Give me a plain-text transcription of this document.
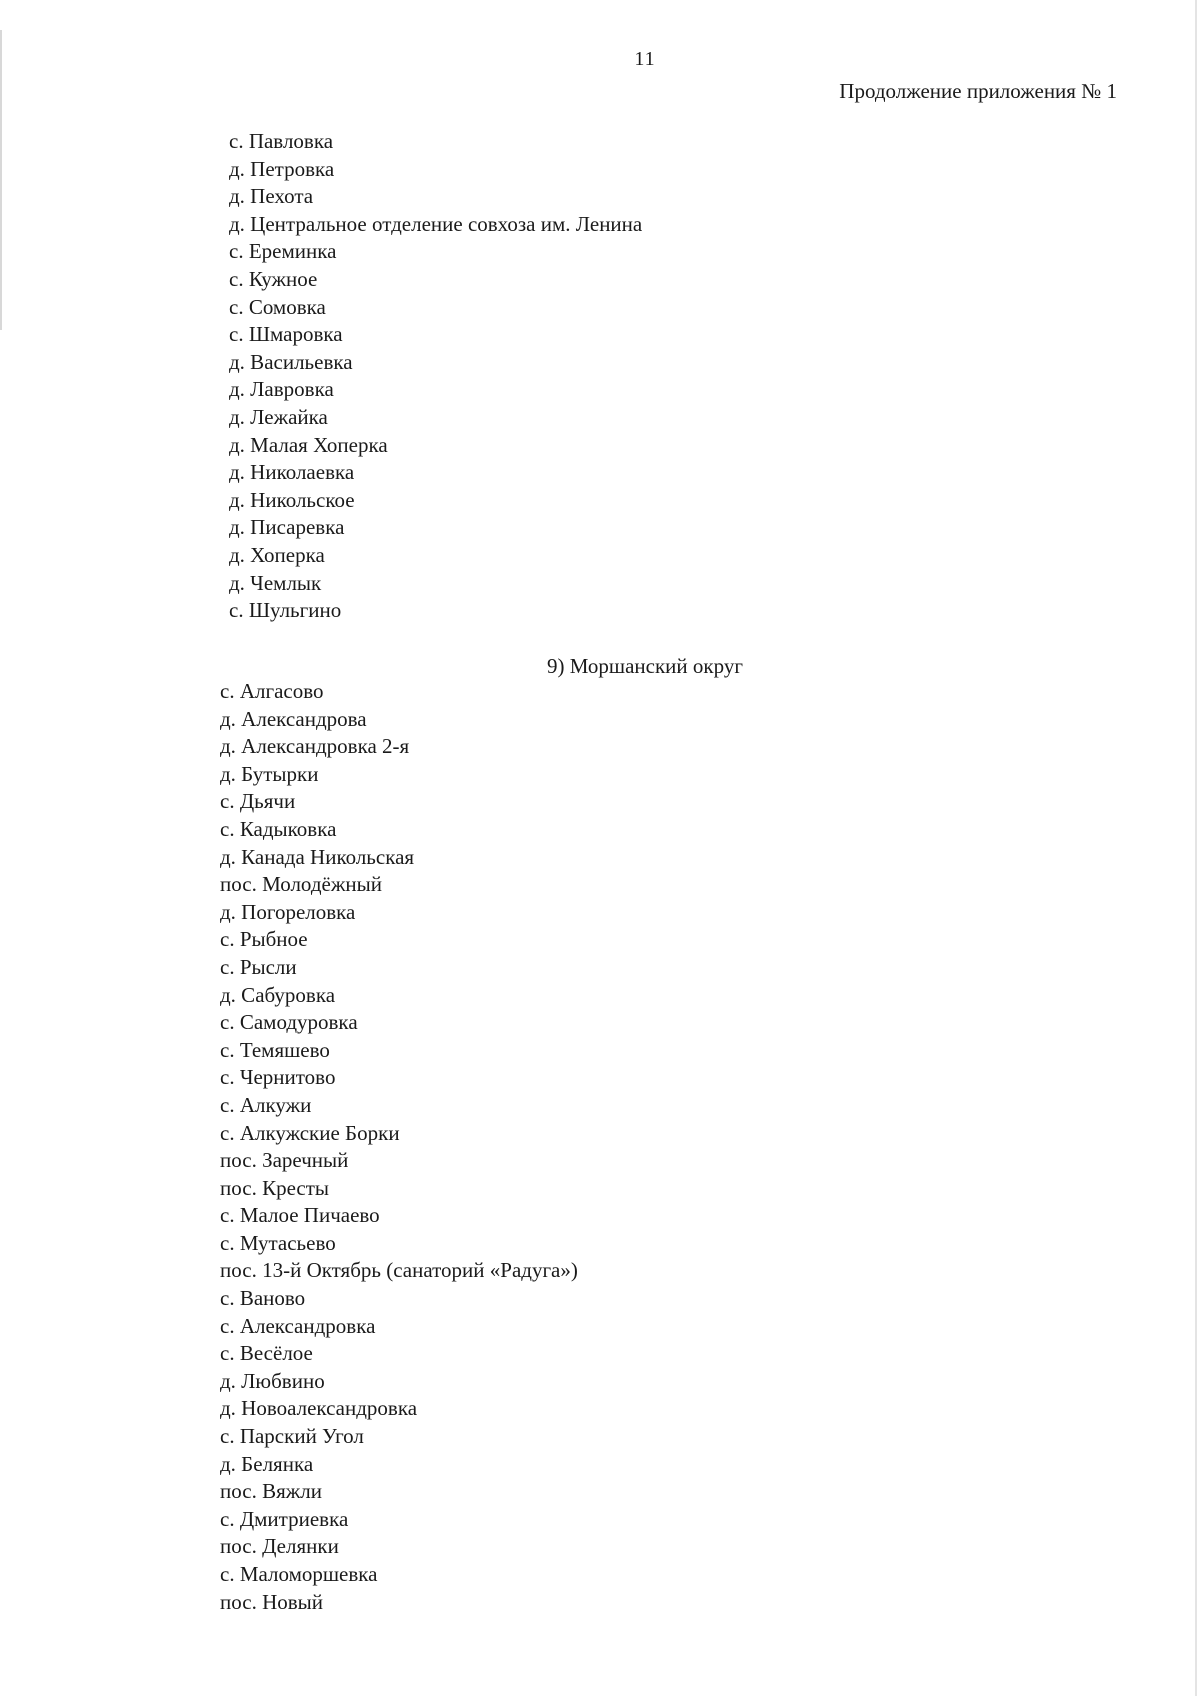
11
Продолжение приложения № 1
с. Павловка
д. Петровка
д. Пехота
д. Центральное отделение совхоза им. Ленина
с. Ереминка
с. Кужное
с. Сомовка
с. Шмаровка
д. Васильевка
д. Лавровка
д. Лежайка
д. Малая Хоперка
д. Николаевка
д. Никольское
д. Писаревка
д. Хоперка
д. Чемлык
с. Шульгино
9) Моршанский округ
с. Алгасово
д. Александрова
д. Александровка 2-я
д. Бутырки
с. Дьячи
с. Кадыковка
д. Канада Никольская
пос. Молодёжный
д. Погореловка
с. Рыбное
с. Рысли
д. Сабуровка
с. Самодуровка
с. Темяшево
с. Чернитово
с. Алкужи
с. Алкужские Борки
пос. Заречный
пос. Кресты
с. Малое Пичаево
с. Мутасьево
пос. 13-й Октябрь (санаторий «Радуга»)
с. Ваново
с. Александровка
с. Весёлое
д. Любвино
д. Новоалександровка
с. Парский Угол
д. Белянка
пос. Вяжли
с. Дмитриевка
пос. Делянки
с. Маломоршевка
пос. Новый
